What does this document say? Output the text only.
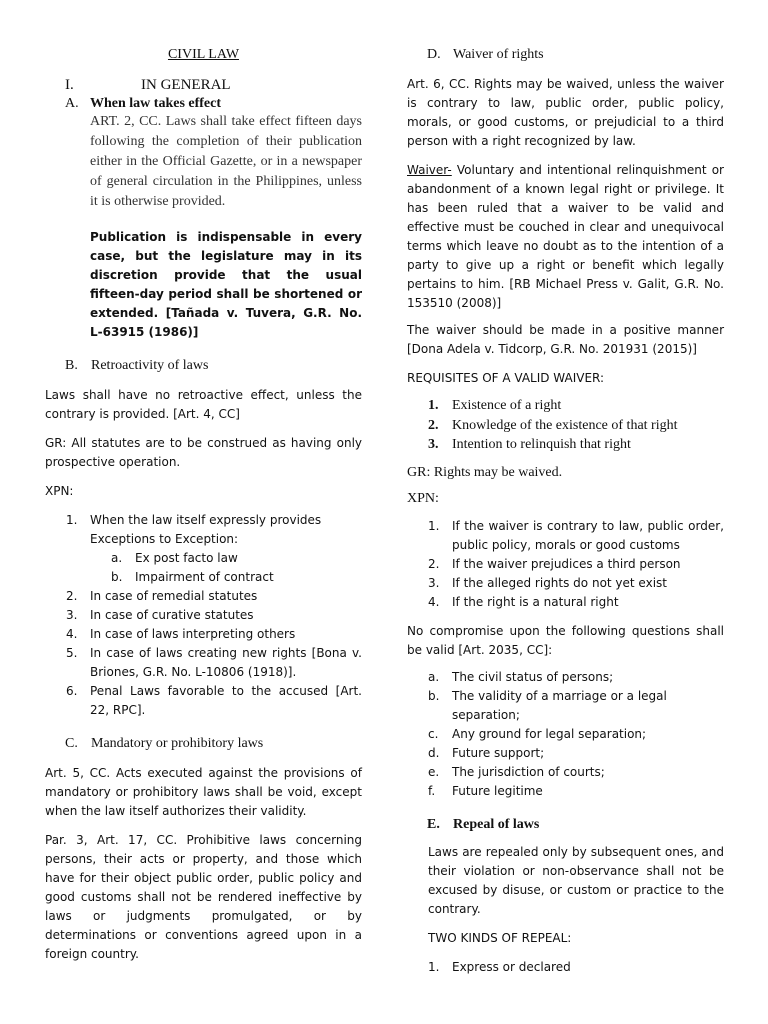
CIVIL LAW

I.	IN GENERAL
A. When law takes effect

ART. 2, CC. Laws shall take effect fifteen days following the completion of their publication either in the Official Gazette, or in a newspaper of general circulation in the Philippines, unless it is otherwise provided.

Publication is indispensable in every case, but the legislature may in its discretion provide that the usual fifteen-day period shall be shortened or extended. [Tañada v. Tuvera, G.R. No. L-63915 (1986)]

B. Retroactivity of laws

Laws shall have no retroactive effect, unless the contrary is provided. [Art. 4, CC]

GR: All statutes are to be construed as having only prospective operation.

XPN:

1.	When the law itself expressly provides Exceptions to Exception:
a.	Ex post facto law
b.	Impairment of contract
2.	In case of remedial statutes
3.	In case of curative statutes
4.	In case of laws interpreting others
5.	In case of laws creating new rights [Bona v. Briones, G.R. No. L-10806 (1918)].
6.	Penal Laws favorable to the accused [Art. 22, RPC].
C. Mandatory or prohibitory laws

Art. 5, CC. Acts executed against the provisions of mandatory or prohibitory laws shall be void, except when the law itself authorizes their validity.

Par. 3, Art. 17, CC. Prohibitive laws concerning persons, their acts or property, and those which have for their object public order, public policy and good customs shall not be rendered ineffective by laws or judgments promulgated, or by determinations or conventions agreed upon in a foreign country.

D. Waiver of rights

Art. 6, CC. Rights may be waived, unless the waiver is contrary to law, public order, public policy, morals, or good customs, or prejudicial to a third person with a right recognized by law.

Waiver- Voluntary and intentional relinquishment or abandonment of a known legal right or privilege. It has been ruled that a waiver to be valid and effective must be couched in clear and unequivocal terms which leave no doubt as to the intention of a party to give up a right or benefit which legally pertains to him. [RB Michael Press v. Galit, G.R. No. 153510 (2008)]

The waiver should be made in a positive manner [Dona Adela v. Tidcorp, G.R. No. 201931 (2015)]

REQUISITES OF A VALID WAIVER:

1. Existence of a right
2. Knowledge of the existence of that right
3. Intention to relinquish that right

GR: Rights may be waived.

XPN:

1.	If the waiver is contrary to law, public order, public policy, morals or good customs
2.	If the waiver prejudices a third person
3.	If the alleged rights do not yet exist
4.	If the right is a natural right

No compromise upon the following questions shall be valid [Art. 2035, CC]:

a.	The civil status of persons;
b.	The validity of a marriage or a legal separation;
c.	Any ground for legal separation;
d.	Future support;
e.	The jurisdiction of courts;
f.	Future legitime
E. Repeal of laws

Laws are repealed only by subsequent ones, and their violation or non-observance shall not be excused by disuse, or custom or practice to the contrary.

TWO KINDS OF REPEAL:

1.	Express or declared
